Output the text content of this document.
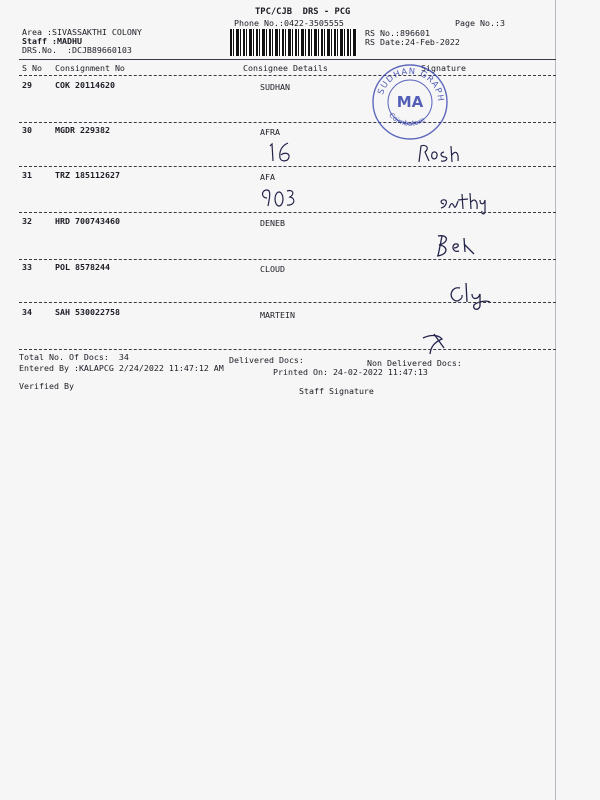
TPC/CJB  DRS - PCG
Phone No.:0422-3505555	Page No.:3
Area :SIVASSAKTHI COLONY
Staff :MADHU
DRS.No.  :DCJB89660103
RS No.:896601
RS Date:24-Feb-2022
S No Consignment No	Consignee Details	Signature
29	COK 20114620	SUDHAN
30	MGDR 229382	AFRA
31	TRZ 185112627	AFA
32	HRD 700743460	DENEB
33	POL 8578244	CLOUD
34	SAH 530022758	MARTEIN
SUDHAN GRAPH
Coimbatore
MA
Total No. Of Docs:  34	Delivered Docs:	Non Delivered Docs:
Entered By :KALAPCG 2/24/2022 11:47:12 AM	Printed On: 24-02-2022 11:47:13
Verified By	Staff Signature
